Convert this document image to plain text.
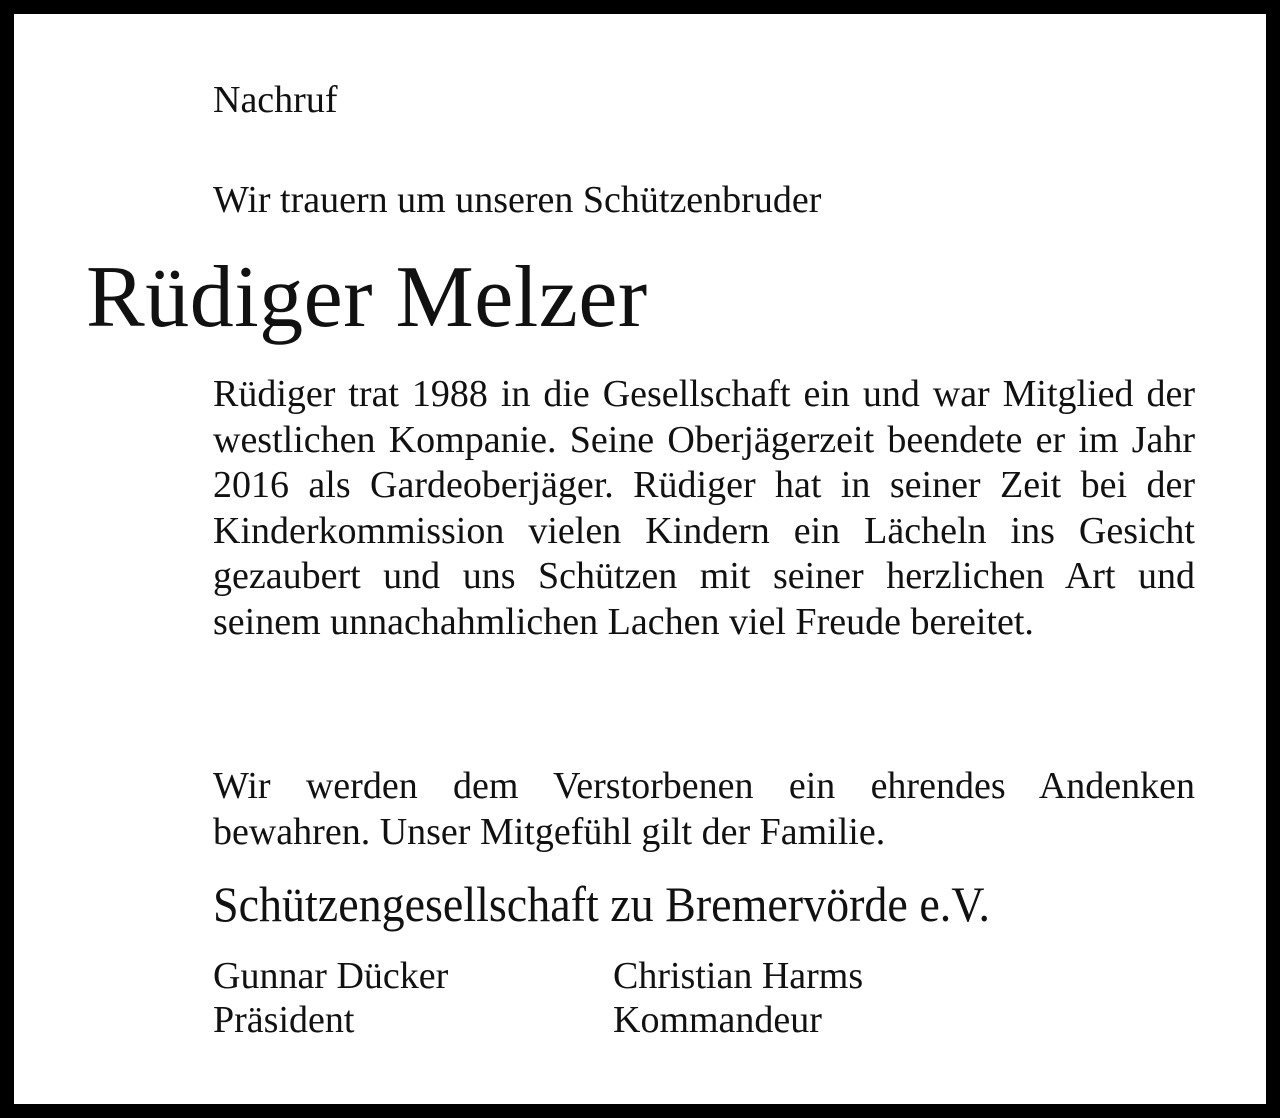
Nachruf
Wir trauern um unseren Schützenbruder
Rüdiger Melzer

Rüdiger trat 1988 in die Gesellschaft ein und war Mitglied der westlichen Kompanie. Seine Oberjägerzeit beendete er im Jahr 2016 als Gardeoberjäger. Rüdiger hat in seiner Zeit bei der Kinderkommission vielen Kindern ein Lächeln ins Gesicht gezaubert und uns Schützen mit seiner herzlichen Art und seinem unnachahmlichen Lachen viel Freude bereitet.

Wir werden dem Verstorbenen ein ehrendes Andenken bewahren. Unser Mitgefühl gilt der Familie.

Schützengesellschaft zu Bremervörde e.V.
Gunnar Dücker
Präsident
Christian Harms
Kommandeur
